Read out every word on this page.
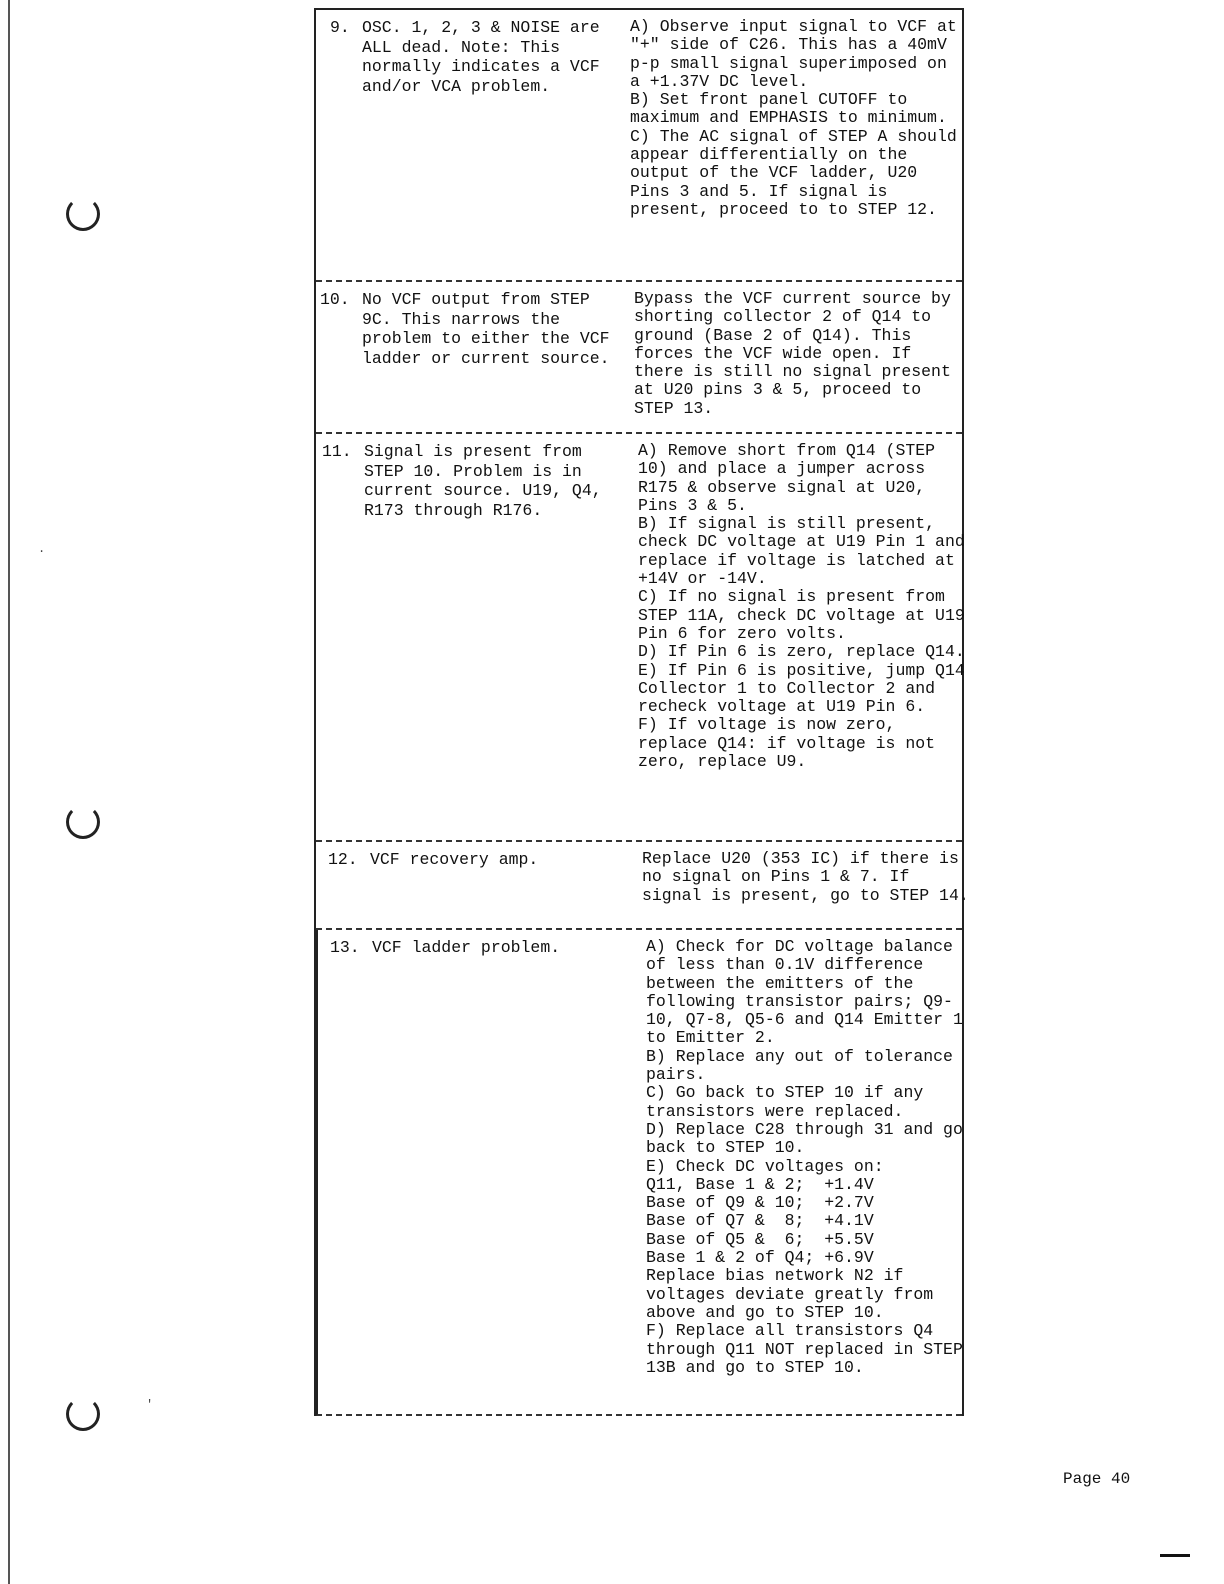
.
'
9. OSC. 1, 2, 3 & NOISE are ALL dead. Note: This normally indicates a VCF and/or VCA problem.
A) Observe input signal to VCF at "+" side of C26. This has a 40mV p-p small signal superimposed on a +1.37V DC level.
B) Set front panel CUTOFF to maximum and EMPHASIS to minimum.
C) The AC signal of STEP A should appear differentially on the output of the VCF ladder, U20 Pins 3 and 5. If signal is present, proceed to to STEP 12.
10. No VCF output from STEP 9C. This narrows the problem to either the VCF ladder or current source.
Bypass the VCF current source by shorting collector 2 of Q14 to ground (Base 2 of Q14). This forces the VCF wide open. If there is still no signal present at U20 pins 3 & 5, proceed to STEP 13.
11. Signal is present from STEP 10. Problem is in current source. U19, Q4, R173 through R176.
A) Remove short from Q14 (STEP 10) and place a jumper across R175 & observe signal at U20, Pins 3 & 5.
B) If signal is still present, check DC voltage at U19 Pin 1 and replace if voltage is latched at +14V or -14V.
C) If no signal is present from STEP 11A, check DC voltage at U19 Pin 6 for zero volts.
D) If Pin 6 is zero, replace Q14.
E) If Pin 6 is positive, jump Q14 Collector 1 to Collector 2 and recheck voltage at U19 Pin 6.
F) If voltage is now zero, replace Q14: if voltage is not zero, replace U9.
12. VCF recovery amp.	Replace U20 (353 IC) if there is no signal on Pins 1 & 7. If signal is present, go to STEP 14.
13. VCF ladder problem.	A) Check for DC voltage balance of less than 0.1V difference between the emitters of the following transistor pairs; Q9-10, Q7-8, Q5-6 and Q14 Emitter 1 to Emitter 2.
B) Replace any out of tolerance pairs.
C) Go back to STEP 10 if any transistors were replaced.
D) Replace C28 through 31 and go back to STEP 10.
E) Check DC voltages on:
Q11, Base 1 & 2;  +1.4V
Base of Q9 & 10;  +2.7V
Base of Q7 &  8;  +4.1V
Base of Q5 &  6;  +5.5V
Base 1 & 2 of Q4; +6.9V
Replace bias network N2 if voltages deviate greatly from above and go to STEP 10.
F) Replace all transistors Q4 through Q11 NOT replaced in STEP 13B and go to STEP 10.
Page 40
